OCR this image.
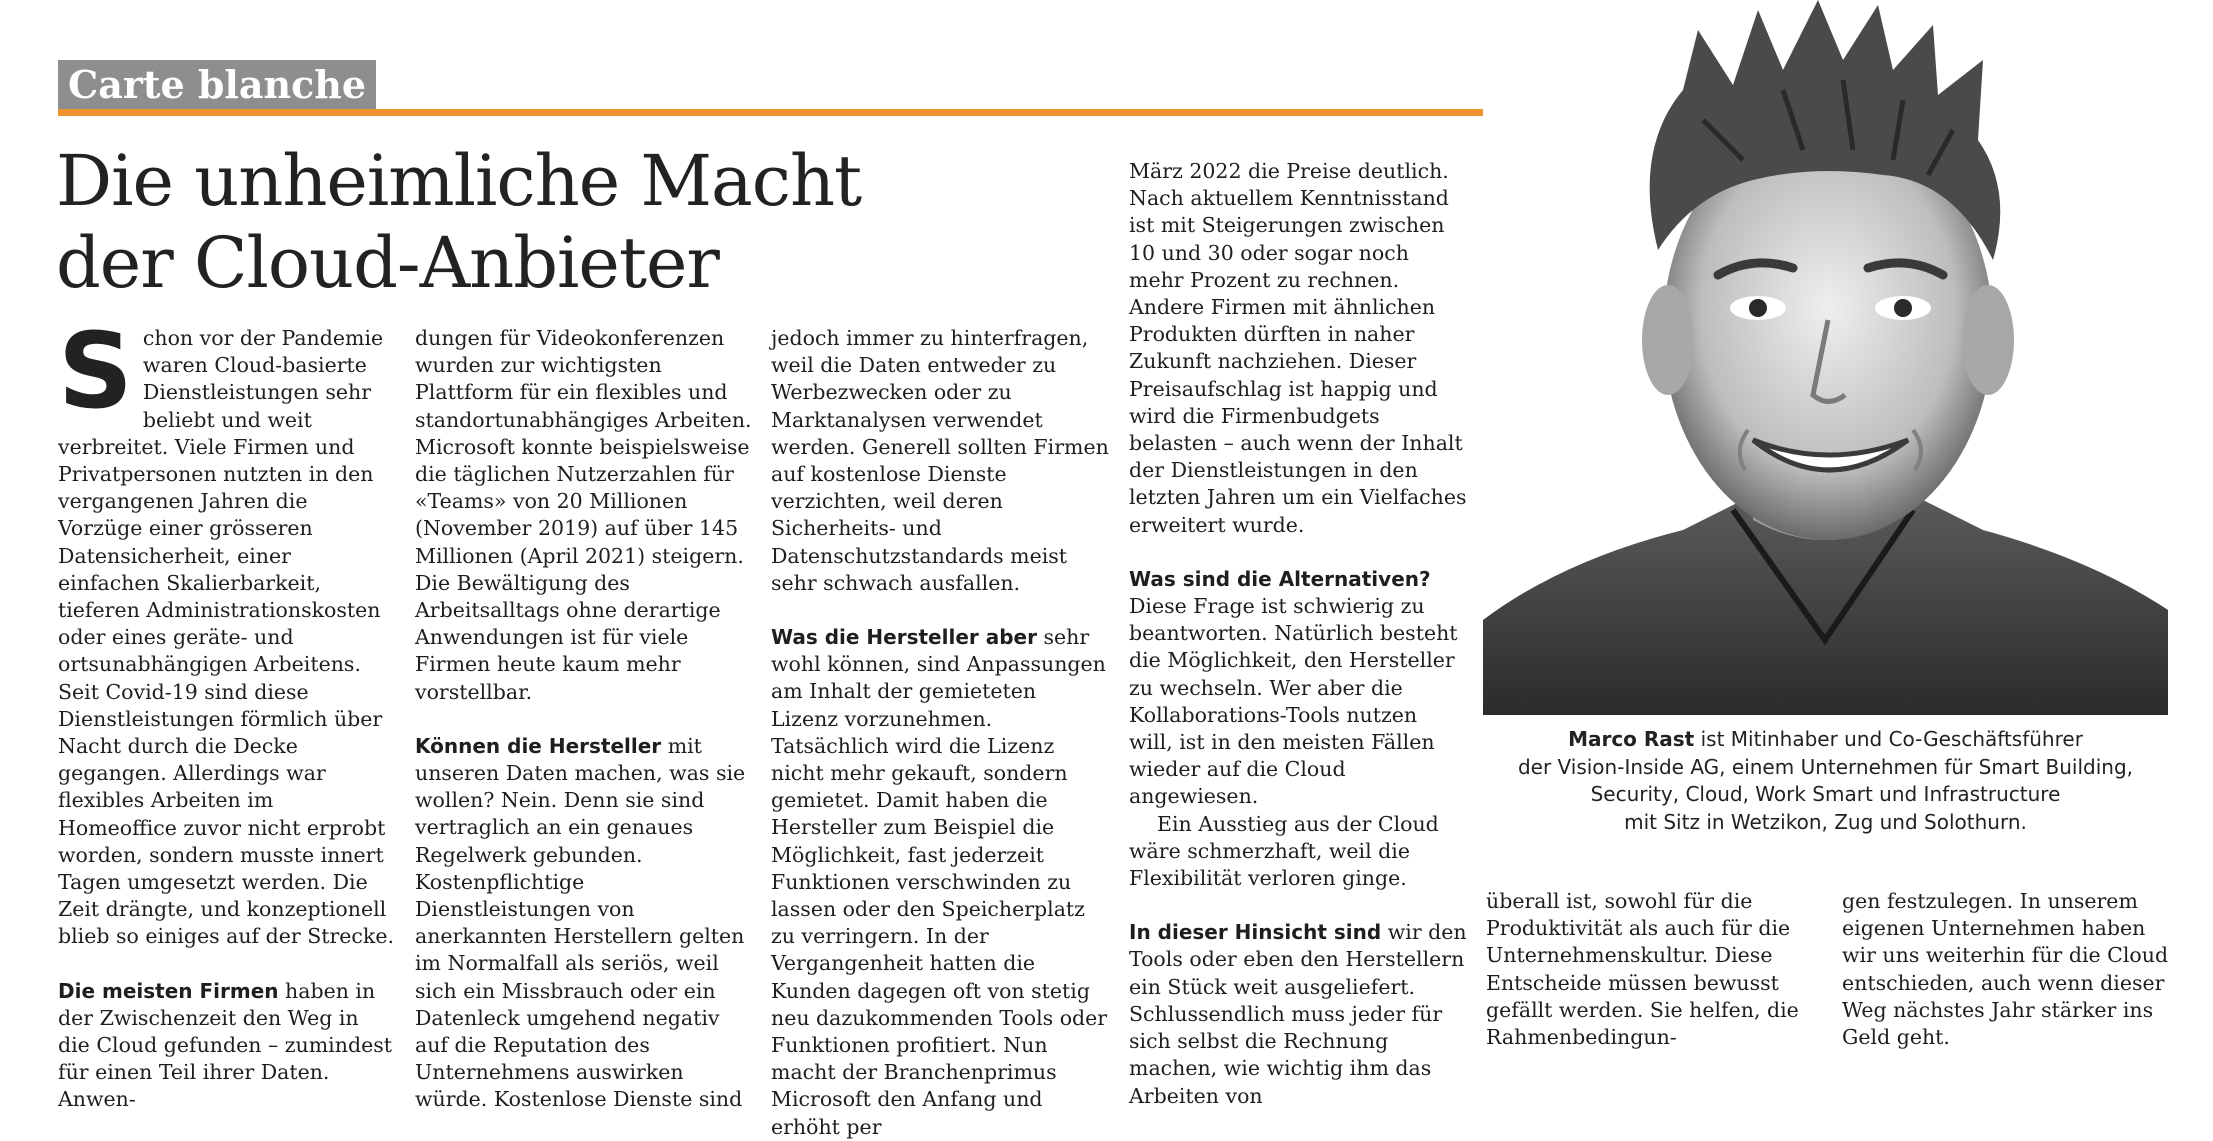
Carte blanche
Die unheimliche Macht
der Cloud-Anbieter

Schon vor der Pandemie waren Cloud-basierte Dienstleistungen sehr beliebt und weit verbreitet. Viele Firmen und Privatpersonen nutzten in den vergangenen Jahren die Vorzüge einer grösseren Datensicherheit, einer einfachen Skalierbarkeit, tieferen Administrationskosten oder eines geräte- und ortsunabhängigen Arbeitens. Seit Covid-19 sind diese Dienstleistungen förmlich über Nacht durch die Decke gegangen. Allerdings war flexibles Arbeiten im Homeoffice zuvor nicht erprobt worden, sondern musste innert Tagen umgesetzt werden. Die Zeit drängte, und konzeptionell blieb so einiges auf der Strecke.

Die meisten Firmen haben in der Zwischenzeit den Weg in die Cloud gefunden – zumindest für einen Teil ihrer Daten. Anwen-

dungen für Videokonferenzen wurden zur wichtigsten Plattform für ein flexibles und standortunabhängiges Arbeiten. Microsoft konnte beispielsweise die täglichen Nutzerzahlen für «Teams» von 20 Millionen (November 2019) auf über 145 Millionen (April 2021) steigern. Die Bewältigung des Arbeitsalltags ohne derartige Anwendungen ist für viele Firmen heute kaum mehr vorstellbar.

Können die Hersteller mit unseren Daten machen, was sie wollen? Nein. Denn sie sind vertraglich an ein genaues Regelwerk gebunden. Kostenpflichtige Dienstleistungen von anerkannten Herstellern gelten im Normalfall als seriös, weil sich ein Missbrauch oder ein Datenleck umgehend negativ auf die Reputation des Unternehmens auswirken würde. Kostenlose Dienste sind

jedoch immer zu hinterfragen, weil die Daten entweder zu Werbezwecken oder zu Marktanalysen verwendet werden. Generell sollten Firmen auf kostenlose Dienste verzichten, weil deren Sicherheits- und Datenschutzstandards meist sehr schwach ausfallen.

Was die Hersteller aber sehr wohl können, sind Anpassungen am Inhalt der gemieteten Lizenz vorzunehmen. Tatsächlich wird die Lizenz nicht mehr gekauft, sondern gemietet. Damit haben die Hersteller zum Beispiel die Möglichkeit, fast jederzeit Funktionen verschwinden zu lassen oder den Speicherplatz zu verringern. In der Vergangenheit hatten die Kunden dagegen oft von stetig neu dazukommenden Tools oder Funktionen profitiert. Nun macht der Branchenprimus Microsoft den Anfang und erhöht per

März 2022 die Preise deutlich. Nach aktuellem Kenntnisstand ist mit Steigerungen zwischen 10 und 30 oder sogar noch mehr Prozent zu rechnen. Andere Firmen mit ähnlichen Produkten dürften in naher Zukunft nachziehen. Dieser Preisaufschlag ist happig und wird die Firmenbudgets belasten – auch wenn der Inhalt der Dienstleistungen in den letzten Jahren um ein Vielfaches erweitert wurde.

Was sind die Alternativen?

Diese Frage ist schwierig zu beantworten. Natürlich besteht die Möglichkeit, den Hersteller zu wechseln. Wer aber die Kollaborations-Tools nutzen will, ist in den meisten Fällen wieder auf die Cloud angewiesen.

Ein Ausstieg aus der Cloud wäre schmerzhaft, weil die Flexibilität verloren ginge.

In dieser Hinsicht sind wir den Tools oder eben den Herstellern ein Stück weit ausgeliefert. Schlussendlich muss jeder für sich selbst die Rechnung machen, wie wichtig ihm das Arbeiten von

überall ist, sowohl für die Produktivität als auch für die Unternehmenskultur. Diese Entscheide müssen bewusst gefällt werden. Sie helfen, die Rahmenbedingun-

gen festzulegen. In unserem eigenen Unternehmen haben wir uns weiterhin für die Cloud entschieden, auch wenn dieser Weg nächstes Jahr stärker ins Geld geht.

Marco Rast ist Mitinhaber und Co-Geschäftsführer
der Vision-Inside AG, einem Unternehmen für Smart Building,
Security, Cloud, Work Smart und Infrastructure
mit Sitz in Wetzikon, Zug und Solothurn.
